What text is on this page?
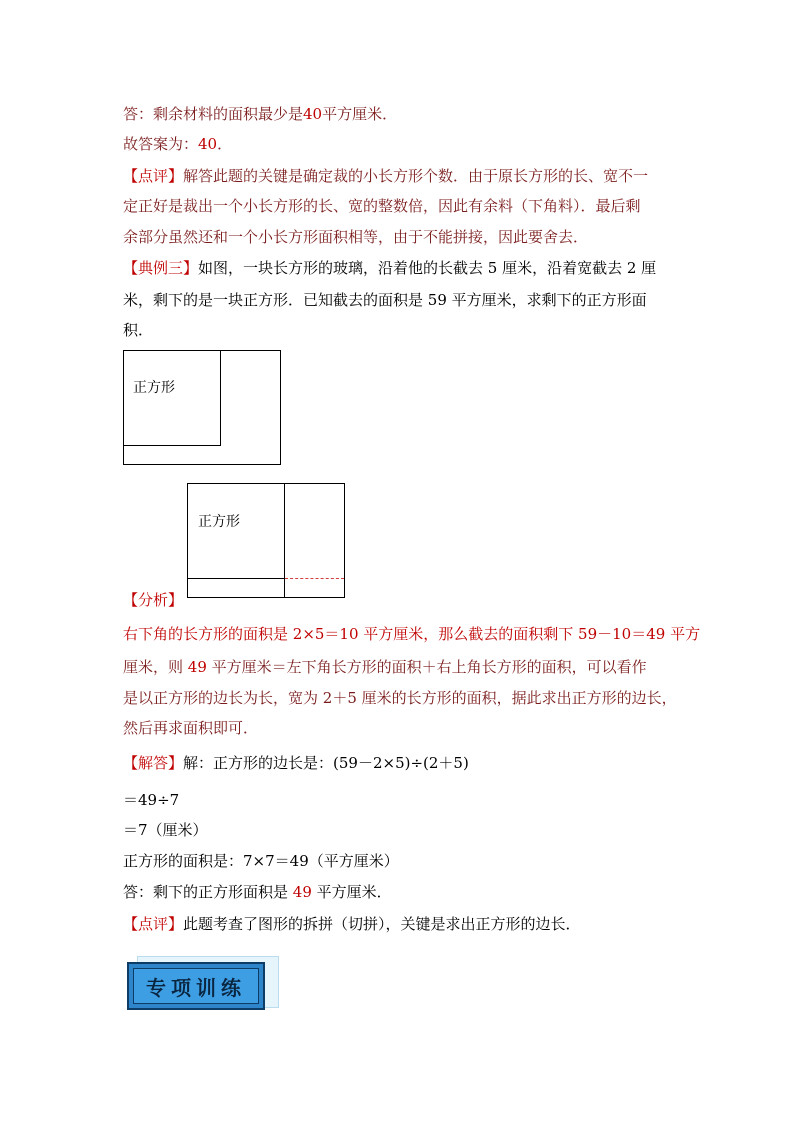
答：剩余材料的面积最少是40平方厘米．
故答案为：40．
【点评】解答此题的关键是确定裁的小长方形个数．由于原长方形的长、宽不一
定正好是裁出一个小长方形的长、宽的整数倍，因此有余料（下角料）．最后剩
余部分虽然还和一个小长方形面积相等，由于不能拼接，因此要舍去．
【典例三】如图，一块长方形的玻璃，沿着他的长截去 5 厘米，沿着宽截去 2 厘
米，剩下的是一块正方形．已知截去的面积是 59 平方厘米，求剩下的正方形面
积．
正方形
正方形
【分析】
右下角的长方形的面积是 2×5＝10 平方厘米，那么截去的面积剩下 59－10＝49 平方
厘米，则 49 平方厘米＝左下角长方形的面积＋右上角长方形的面积，可以看作
是以正方形的边长为长，宽为 2＋5 厘米的长方形的面积，据此求出正方形的边长，
然后再求面积即可．
【解答】解：正方形的边长是：(59－2×5)÷(2＋5)
＝49÷7
＝7（厘米）
正方形的面积是：7×7＝49（平方厘米）
答：剩下的正方形面积是 49 平方厘米．
【点评】此题考查了图形的拆拼（切拼），关键是求出正方形的边长．
专项训练
